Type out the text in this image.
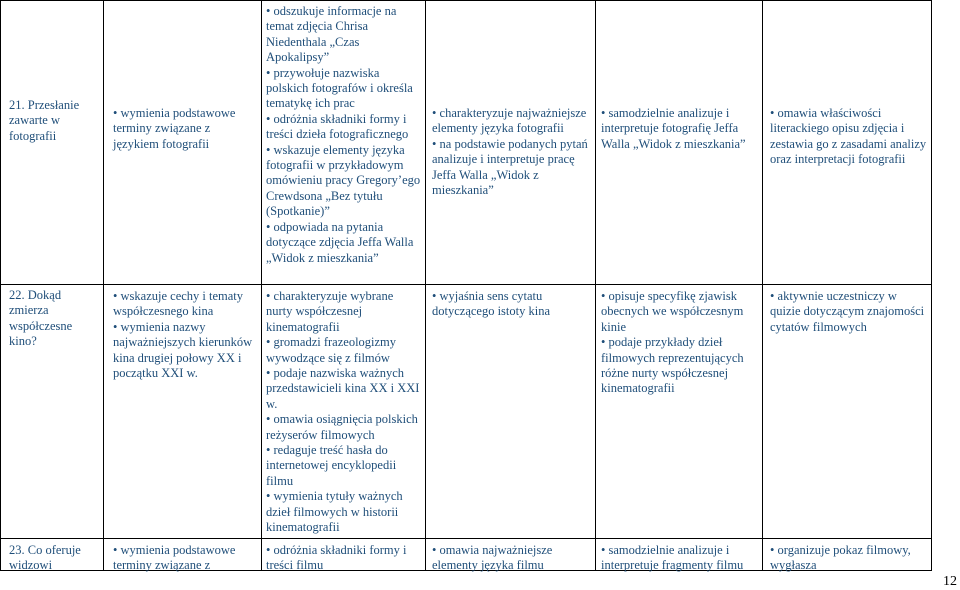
21. Przesłanie zawarte w fotografii

• wymienia podstawowe terminy związane z językiem fotografii

• odszukuje informacje na temat zdjęcia Chrisa Niedenthala „Czas Apokalipsy”

• przywołuje nazwiska polskich fotografów i określa tematykę ich prac

• odróżnia składniki formy i treści dzieła fotograficznego

• wskazuje elementy języka fotografii w przykładowym omówieniu pracy Gregory’ego Crewdsona „Bez tytułu (Spotkanie)”

• odpowiada na pytania dotyczące zdjęcia Jeffa Walla „Widok z mieszkania”

• charakteryzuje najważniejsze elementy języka fotografii

• na podstawie podanych pytań analizuje i interpretuje pracę Jeffa Walla „Widok z mieszkania”

• samodzielnie analizuje i interpretuje fotografię Jeffa Walla „Widok z mieszkania”

• omawia właściwości literackiego opisu zdjęcia i zestawia go z zasadami analizy oraz interpretacji fotografii

22. Dokąd zmierza współczesne kino?

• wskazuje cechy i tematy współczesnego kina

• wymienia nazwy najważniejszych kierunków kina drugiej połowy XX i początku XXI w.

• charakteryzuje wybrane nurty współczesnej kinematografii

• gromadzi frazeologizmy wywodzące się z filmów

• podaje nazwiska ważnych przedstawicieli kina XX i XXI w.

• omawia osiągnięcia polskich reżyserów filmowych

• redaguje treść hasła do internetowej encyklopedii filmu

• wymienia tytuły ważnych dzieł filmowych w historii kinematografii

• wyjaśnia sens cytatu dotyczącego istoty kina

• opisuje specyfikę zjawisk obecnych we współczesnym kinie

• podaje przykłady dzieł filmowych reprezentujących różne nurty współczesnej kinematografii

• aktywnie uczestniczy w quizie dotyczącym znajomości cytatów filmowych

23. Co oferuje widzowi

• wymienia podstawowe terminy związane z

• odróżnia składniki formy i treści filmu

• omawia najważniejsze elementy języka filmu

• samodzielnie analizuje i interpretuje fragmenty filmu

• organizuje pokaz filmowy, wygłasza

12
